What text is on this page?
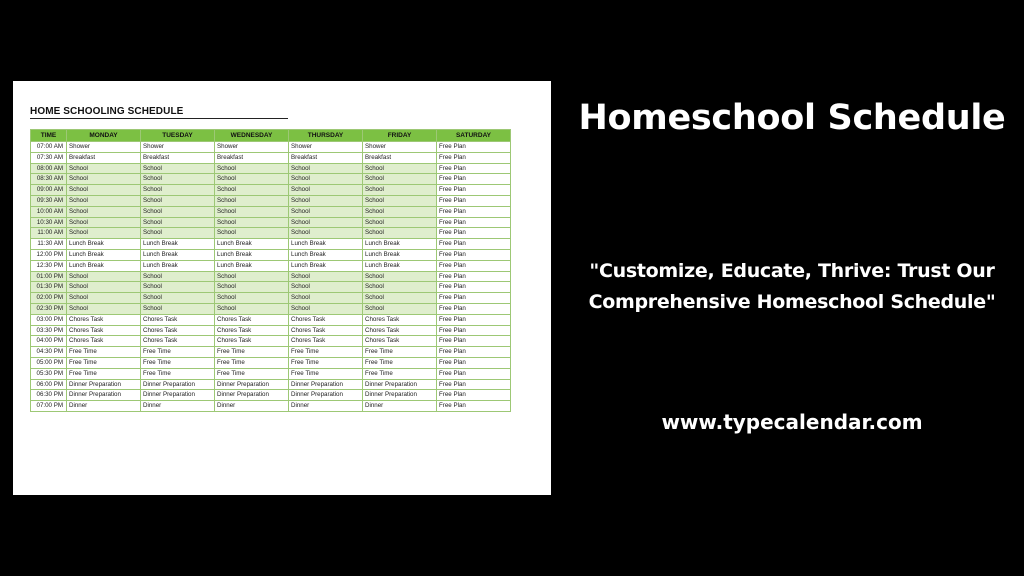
HOME SCHOOLING SCHEDULE
TIME	MONDAY	TUESDAY	WEDNESDAY	THURSDAY	FRIDAY	SATURDAY
07:00 AM	Shower	Shower	Shower	Shower	Shower	Free Plan
07:30 AM	Breakfast	Breakfast	Breakfast	Breakfast	Breakfast	Free Plan
08:00 AM	School	School	School	School	School	Free Plan
08:30 AM	School	School	School	School	School	Free Plan
09:00 AM	School	School	School	School	School	Free Plan
09:30 AM	School	School	School	School	School	Free Plan
10:00 AM	School	School	School	School	School	Free Plan
10:30 AM	School	School	School	School	School	Free Plan
11:00 AM	School	School	School	School	School	Free Plan
11:30 AM	Lunch Break	Lunch Break	Lunch Break	Lunch Break	Lunch Break	Free Plan
12:00 PM	Lunch Break	Lunch Break	Lunch Break	Lunch Break	Lunch Break	Free Plan
12:30 PM	Lunch Break	Lunch Break	Lunch Break	Lunch Break	Lunch Break	Free Plan
01:00 PM	School	School	School	School	School	Free Plan
01:30 PM	School	School	School	School	School	Free Plan
02:00 PM	School	School	School	School	School	Free Plan
02:30 PM	School	School	School	School	School	Free Plan
03:00 PM	Chores Task	Chores Task	Chores Task	Chores Task	Chores Task	Free Plan
03:30 PM	Chores Task	Chores Task	Chores Task	Chores Task	Chores Task	Free Plan
04:00 PM	Chores Task	Chores Task	Chores Task	Chores Task	Chores Task	Free Plan
04:30 PM	Free Time	Free Time	Free Time	Free Time	Free Time	Free Plan
05:00 PM	Free Time	Free Time	Free Time	Free Time	Free Time	Free Plan
05:30 PM	Free Time	Free Time	Free Time	Free Time	Free Time	Free Plan
06:00 PM	Dinner Preparation	Dinner Preparation	Dinner Preparation	Dinner Preparation	Dinner Preparation	Free Plan
06:30 PM	Dinner Preparation	Dinner Preparation	Dinner Preparation	Dinner Preparation	Dinner Preparation	Free Plan
07:00 PM	Dinner	Dinner	Dinner	Dinner	Dinner	Free Plan
Homeschool Schedule
"Customize, Educate, Thrive: Trust Our
Comprehensive Homeschool Schedule"
www.typecalendar.com
